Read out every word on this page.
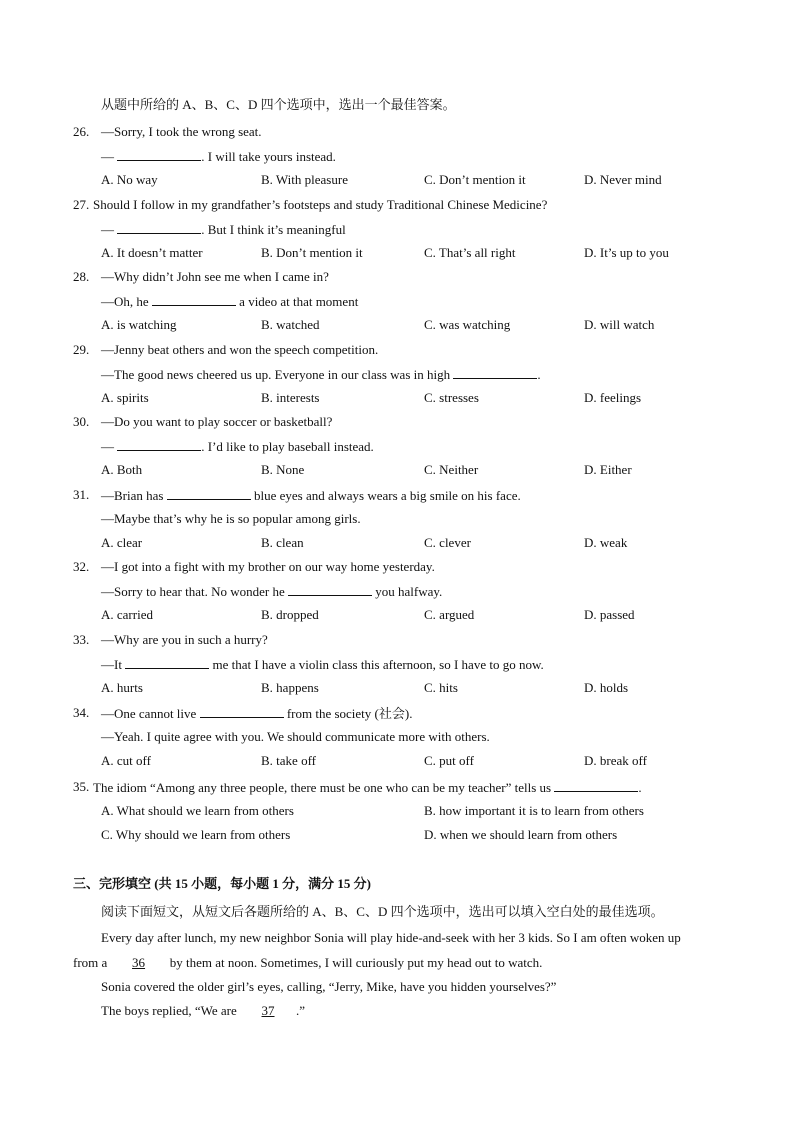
从题中所给的 A、B、C、D 四个选项中，选出一个最佳答案。
26. —Sorry, I took the wrong seat.
—	. I will take yours instead.
A. No way	B. With pleasure	C. Don’t mention it	D. Never mind
27. Should I follow in my grandfather’s footsteps and study Traditional Chinese Medicine?
—	. But I think it’s meaningful
A. It doesn’t matter	B. Don’t mention it	C. That’s all right	D. It’s up to you
28. —Why didn’t John see me when I came in?
—Oh, he	a video at that moment
A. is watching	B. watched	C. was watching	D. will watch
29. —Jenny beat others and won the speech competition.
—The good news cheered us up. Everyone in our class was in high	.
A. spirits	B. interests	C. stresses	D. feelings
30. —Do you want to play soccer or basketball?
—	. I’d like to play baseball instead.
A. Both	B. None	C. Neither	D. Either
31. —Brian has	blue eyes and always wears a big smile on his face.
—Maybe that’s why he is so popular among girls.
A. clear	B. clean	C. clever	D. weak
32. —I got into a fight with my brother on our way home yesterday.
—Sorry to hear that. No wonder he	you halfway.
A. carried	B. dropped	C. argued	D. passed
33. —Why are you in such a hurry?
—It	me that I have a violin class this afternoon, so I have to go now.
A. hurts	B. happens	C. hits	D. holds
34. —One cannot live	from the society (社会).
—Yeah. I quite agree with you. We should communicate more with others.
A. cut off	B. take off	C. put off	D. break off
35. The idiom “Among any three people, there must be one who can be my teacher” tells us	.
A. What should we learn from others	B. how important it is to learn from others
C. Why should we learn from others	D. when we should learn from others
三、完形填空 (共 15 小题，每小题 1 分，满分 15 分)
阅读下面短文，从短文后各题所给的 A、B、C、D 四个选项中，选出可以填入空白处的最佳选项。
Every day after lunch, my new neighbor Sonia will play hide-and-seek with her 3 kids. So I am often woken up
from a 36 by them at noon. Sometimes, I will curiously put my head out to watch.
Sonia covered the older girl’s eyes, calling, “Jerry, Mike, have you hidden yourselves?”
The boys replied, “We are 37 .”
